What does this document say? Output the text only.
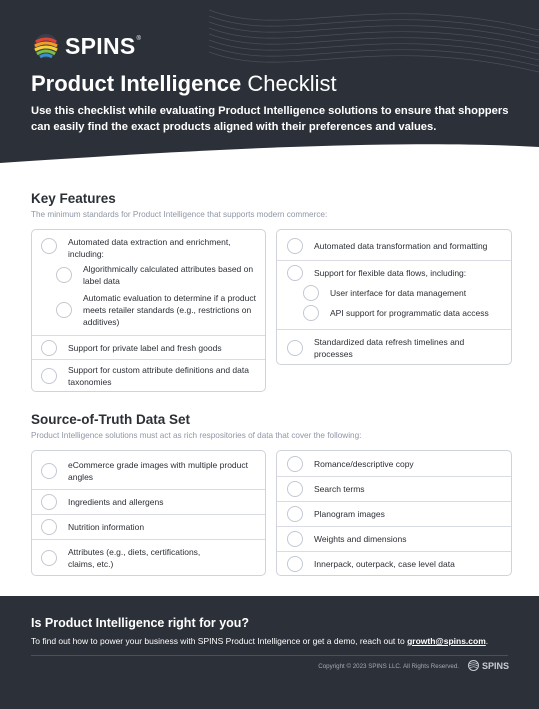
SPINS ®
Product Intelligence Checklist
Use this checklist while evaluating Product Intelligence solutions to ensure that shoppers can easily find the exact products aligned with their preferences and values.
Key Features
The minimum standards for Product Intelligence that supports modern commerce:
Automated data extraction and enrichment, including:
Algorithmically calculated attributes based on label data
Automatic evaluation to determine if a product meets retailer standards (e.g., restrictions on additives)
Support for private label and fresh goods
Support for custom attribute definitions and data taxonomies
Automated data transformation and formatting
Support for flexible data flows, including:
User interface for data management
API support for programmatic data access
Standardized data refresh timelines and processes
Source-of-Truth Data Set
Product Intelligence solutions must act as rich respositories of data that cover the following:
eCommerce grade images with multiple product angles
Ingredients and allergens
Nutrition information
Attributes (e.g., diets, certifications, claims, etc.)
Romance/descriptive copy
Search terms
Planogram images
Weights and dimensions
Innerpack, outerpack, case level data
Is Product Intelligence right for you?
To find out how to power your business with SPINS Product Intelligence or get a demo, reach out to growth@spins.com.
Copyright © 2023 SPINS LLC. All Rights Reserved.	SPINS
